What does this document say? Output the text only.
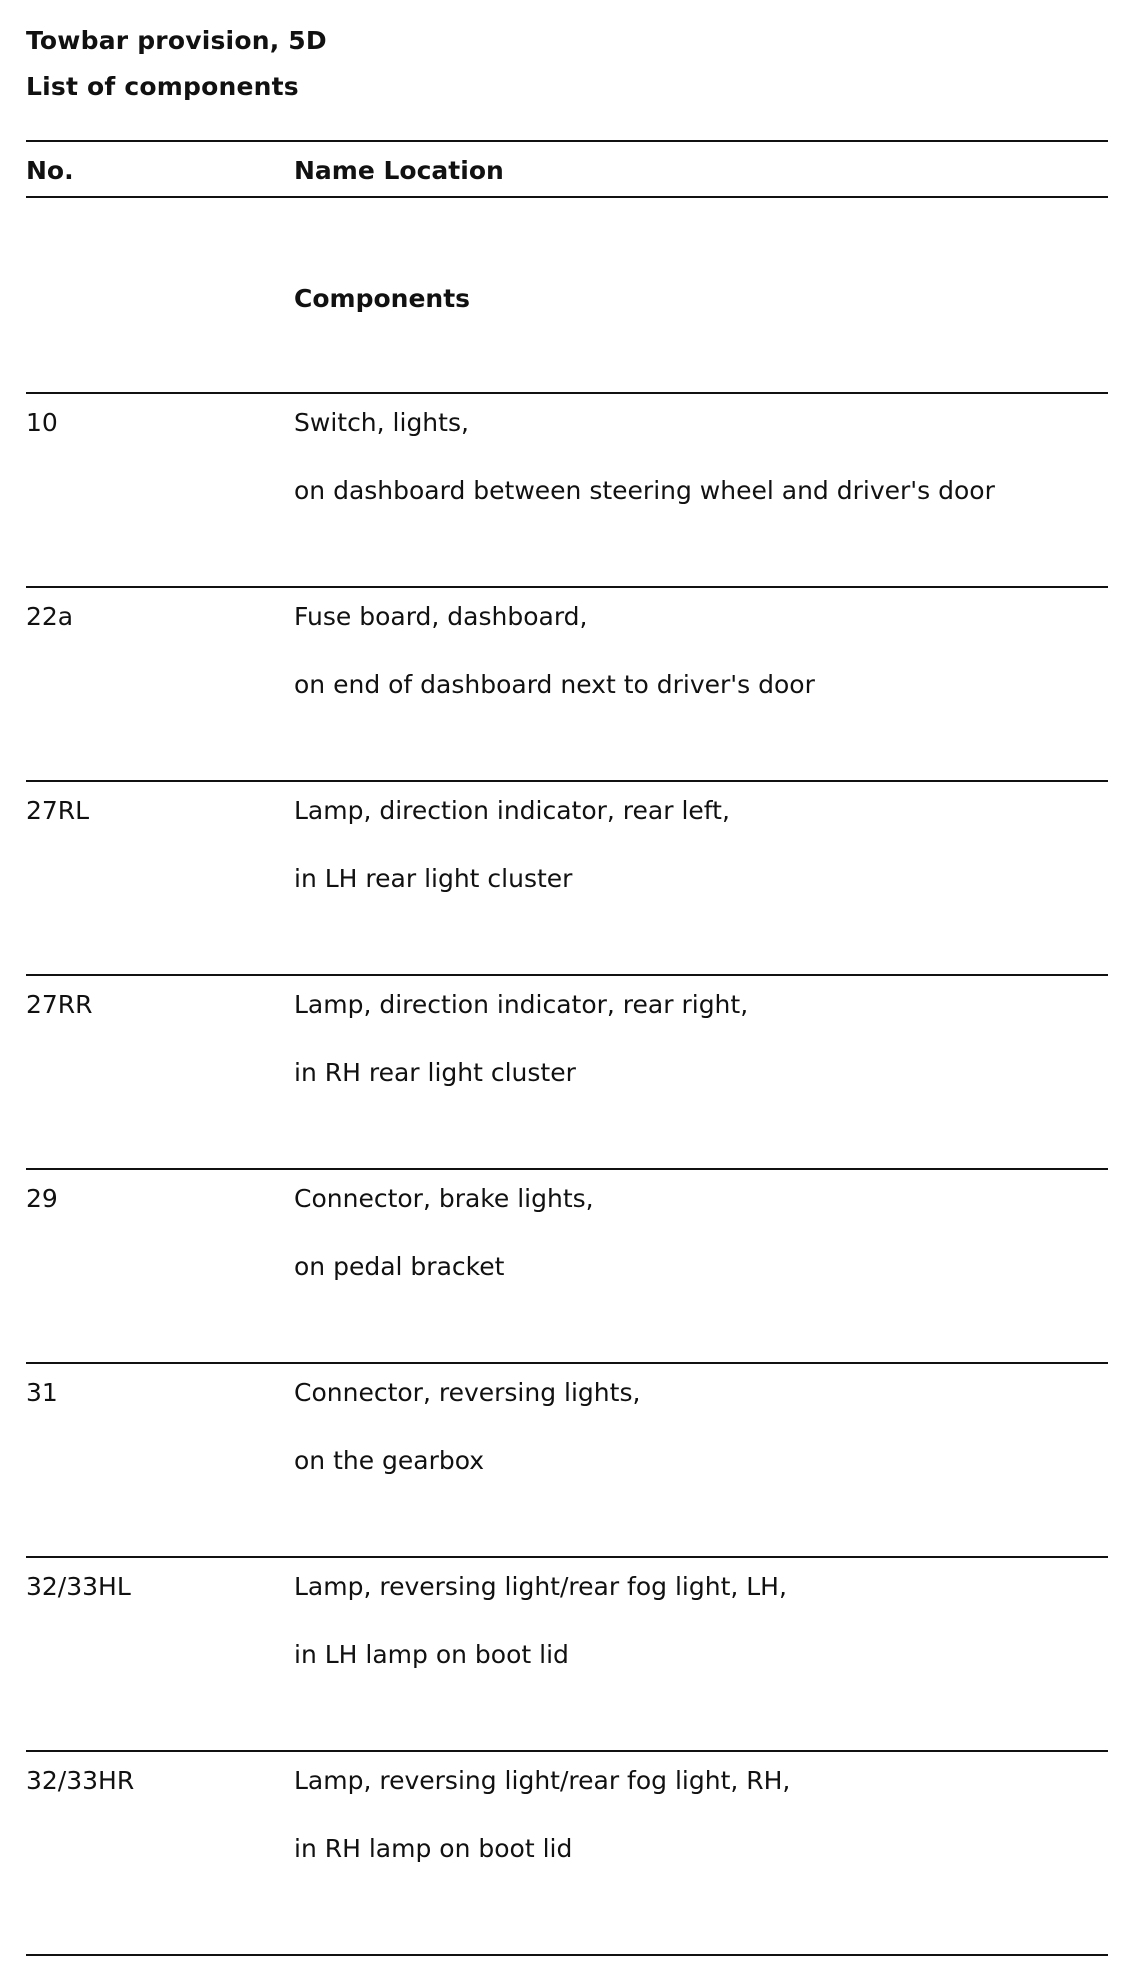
Towbar provision, 5D
List of components
No.	Name Location
Components
10	Switch, lights,
on dashboard between steering wheel and driver's door
22a	Fuse board, dashboard,
on end of dashboard next to driver's door
27RL	Lamp, direction indicator, rear left,
in LH rear light cluster
27RR	Lamp, direction indicator, rear right,
in RH rear light cluster
29	Connector, brake lights,
on pedal bracket
31	Connector, reversing lights,
on the gearbox
32/33HL	Lamp, reversing light/rear fog light, LH,
in LH lamp on boot lid
32/33HR	Lamp, reversing light/rear fog light, RH,
in RH lamp on boot lid
